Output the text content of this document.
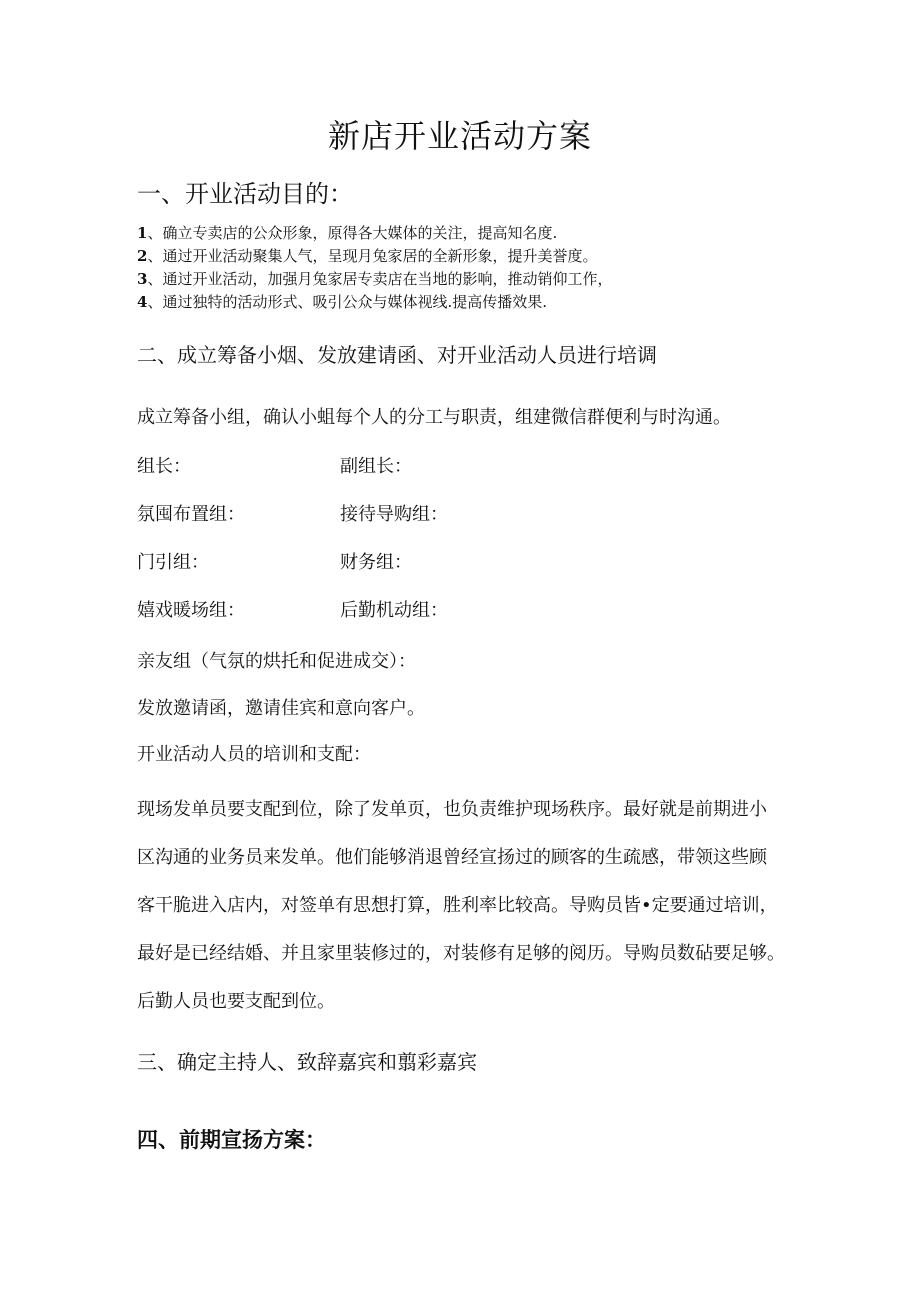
新店开业活动方案
一、开业活动目的：
1、确立专卖店的公众形象，原得各大媒体的关注，提高知名度.
2、通过开业活动聚集人气，呈现月兔家居的全新形象，提升美誉度。
3、通过开业活动，加强月兔家居专卖店在当地的影响，推动销仰工作，
4、通过独特的活动形式、吸引公众与媒体视线.提高传播效果.
二、成立筹备小烟、发放建请函、对开业活动人员进行培调
成立筹备小组，确认小蛆每个人的分工与职责，组建微信群便利与时沟通。
组长：	副组长：
氛囤布置组：	接待导购组：
门引组：	财务组：
嬉戏暖场组：	后勤机动组：
亲友组（气氛的烘托和促进成交）：
发放邀请函，邀请佳宾和意向客户。
开业活动人员的培训和支配：
现场发单员要支配到位，除了发单页，也负责维护现场秩序。最好就是前期进小
区沟通的业务员来发单。他们能够消退曾经宣扬过的顾客的生疏感，带领这些顾
客干脆进入店内，对签单有思想打算，胜利率比较高。导购员皆•定要通过培训，
最好是已经结婚、并且家里装修过的，对装修有足够的阅历。导购员数砧要足够。
后勤人员也要支配到位。
三、确定主持人、致辞嘉宾和翦彩嘉宾
四、前期宣扬方案：
